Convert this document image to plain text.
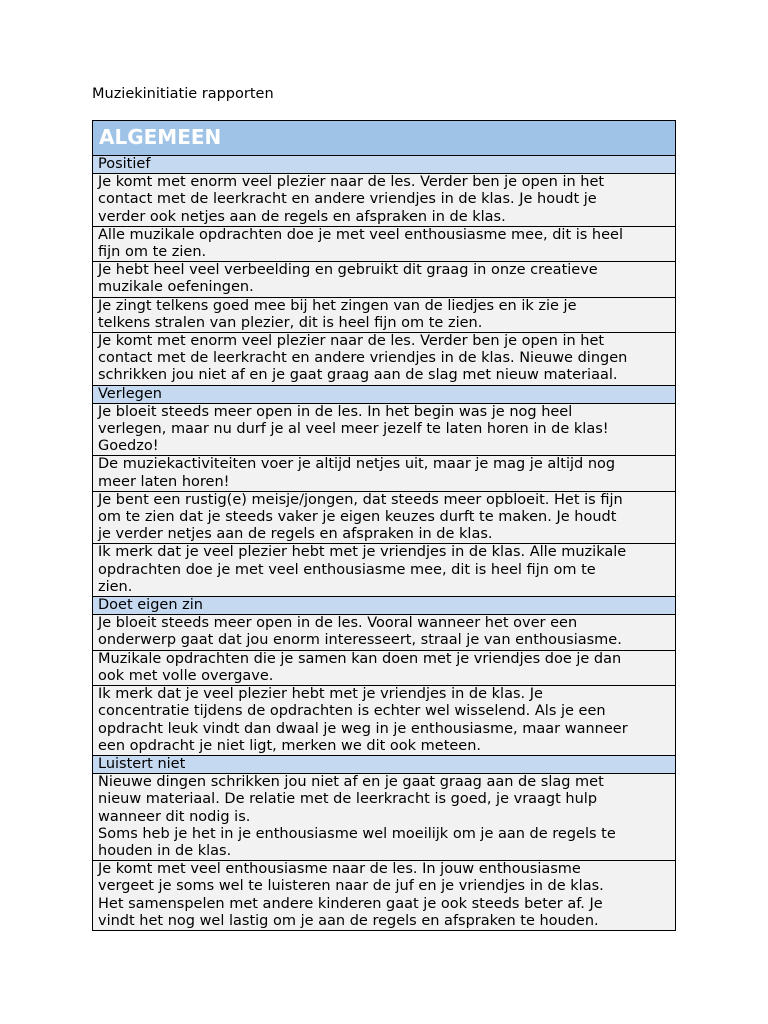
Muziekinitiatie rapporten
ALGEMEEN
Positief
Je komt met enorm veel plezier naar de les. Verder ben je open in het
contact met de leerkracht en andere vriendjes in de klas. Je houdt je
verder ook netjes aan de regels en afspraken in de klas.
Alle muzikale opdrachten doe je met veel enthousiasme mee, dit is heel
fijn om te zien.
Je hebt heel veel verbeelding en gebruikt dit graag in onze creatieve
muzikale oefeningen.
Je zingt telkens goed mee bij het zingen van de liedjes en ik zie je
telkens stralen van plezier, dit is heel fijn om te zien.
Je komt met enorm veel plezier naar de les. Verder ben je open in het
contact met de leerkracht en andere vriendjes in de klas. Nieuwe dingen
schrikken jou niet af en je gaat graag aan de slag met nieuw materiaal.
Verlegen
Je bloeit steeds meer open in de les. In het begin was je nog heel
verlegen, maar nu durf je al veel meer jezelf te laten horen in de klas!
Goedzo!
De muziekactiviteiten voer je altijd netjes uit, maar je mag je altijd nog
meer laten horen!
Je bent een rustig(e) meisje/jongen, dat steeds meer opbloeit. Het is fijn
om te zien dat je steeds vaker je eigen keuzes durft te maken. Je houdt
je verder netjes aan de regels en afspraken in de klas.
Ik merk dat je veel plezier hebt met je vriendjes in de klas. Alle muzikale
opdrachten doe je met veel enthousiasme mee, dit is heel fijn om te
zien.
Doet eigen zin
Je bloeit steeds meer open in de les. Vooral wanneer het over een
onderwerp gaat dat jou enorm interesseert, straal je van enthousiasme.
Muzikale opdrachten die je samen kan doen met je vriendjes doe je dan
ook met volle overgave.
Ik merk dat je veel plezier hebt met je vriendjes in de klas. Je
concentratie tijdens de opdrachten is echter wel wisselend. Als je een
opdracht leuk vindt dan dwaal je weg in je enthousiasme, maar wanneer
een opdracht je niet ligt, merken we dit ook meteen.
Luistert niet
Nieuwe dingen schrikken jou niet af en je gaat graag aan de slag met
nieuw materiaal. De relatie met de leerkracht is goed, je vraagt hulp
wanneer dit nodig is.
Soms heb je het in je enthousiasme wel moeilijk om je aan de regels te
houden in de klas.
Je komt met veel enthousiasme naar de les. In jouw enthousiasme
vergeet je soms wel te luisteren naar de juf en je vriendjes in de klas.
Het samenspelen met andere kinderen gaat je ook steeds beter af. Je
vindt het nog wel lastig om je aan de regels en afspraken te houden.
